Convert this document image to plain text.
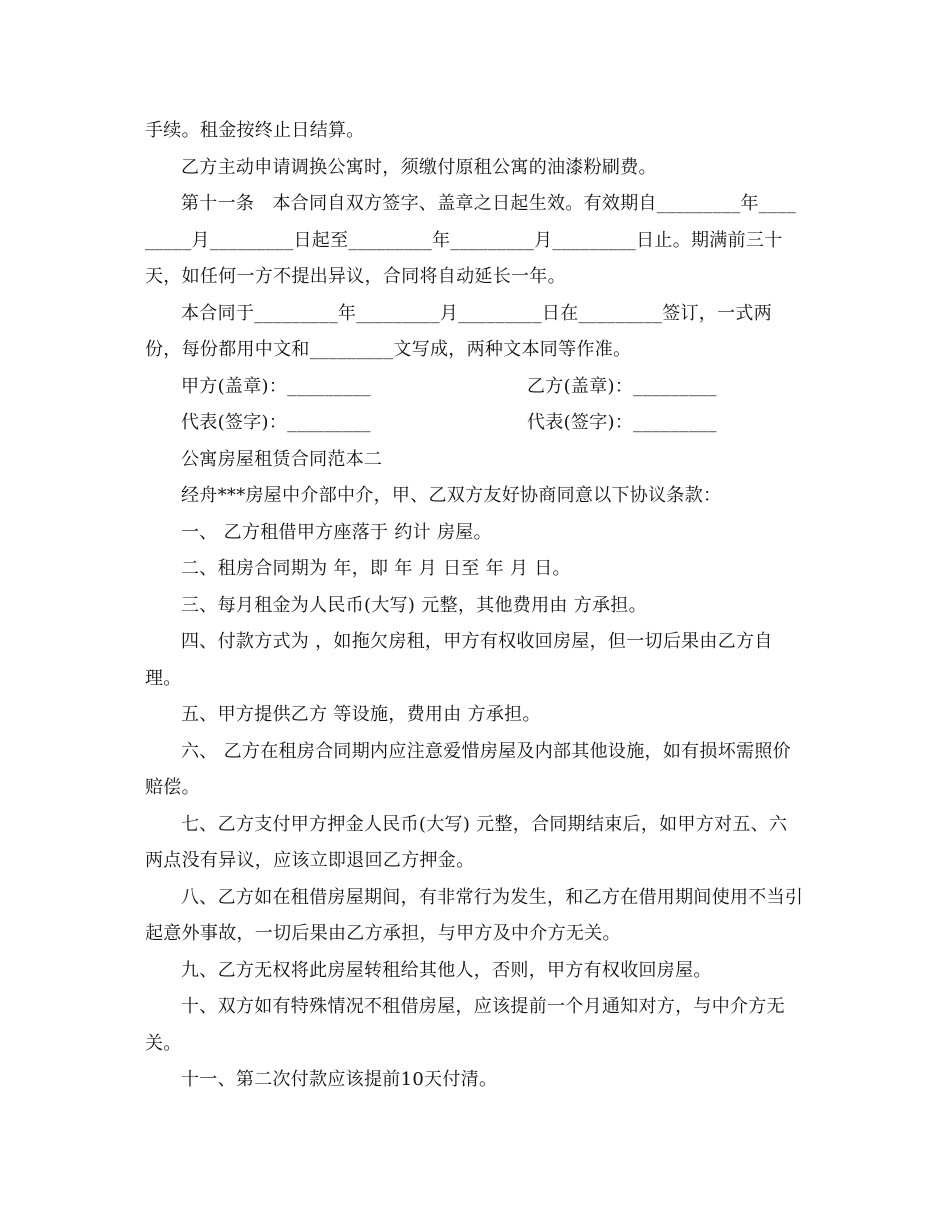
手续。租金按终止日结算。

乙方主动申请调换公寓时，须缴付原租公寓的油漆粉刷费。

第十一条　本合同自双方签字、盖章之日起生效。有效期自_________年_________月_________日起至_________年_________月_________日止。期满前三十天，如任何一方不提出异议，合同将自动延长一年。

本合同于_________年_________月_________日在_________签订，一式两份，每份都用中文和_________文写成，两种文本同等作准。

甲方(盖章)：_________	乙方(盖章)：_________
代表(签字)：_________	代表(签字)：_________

公寓房屋租赁合同范本二

经舟***房屋中介部中介，甲、乙双方友好协商同意以下协议条款：

一、 乙方租借甲方座落于 约计 房屋。

二、租房合同期为 年，即 年 月 日至 年 月 日。

三、每月租金为人民币(大写) 元整，其他费用由 方承担。

四、付款方式为 ，如拖欠房租，甲方有权收回房屋，但一切后果由乙方自理。

五、甲方提供乙方 等设施，费用由 方承担。

六、 乙方在租房合同期内应注意爱惜房屋及内部其他设施，如有损坏需照价赔偿。

七、乙方支付甲方押金人民币(大写) 元整，合同期结束后，如甲方对五、六两点没有异议，应该立即退回乙方押金。

八、乙方如在租借房屋期间，有非常行为发生，和乙方在借用期间使用不当引起意外事故，一切后果由乙方承担，与甲方及中介方无关。

九、乙方无权将此房屋转租给其他人，否则，甲方有权收回房屋。

十、双方如有特殊情况不租借房屋，应该提前一个月通知对方，与中介方无关。

十一、第二次付款应该提前10天付清。
